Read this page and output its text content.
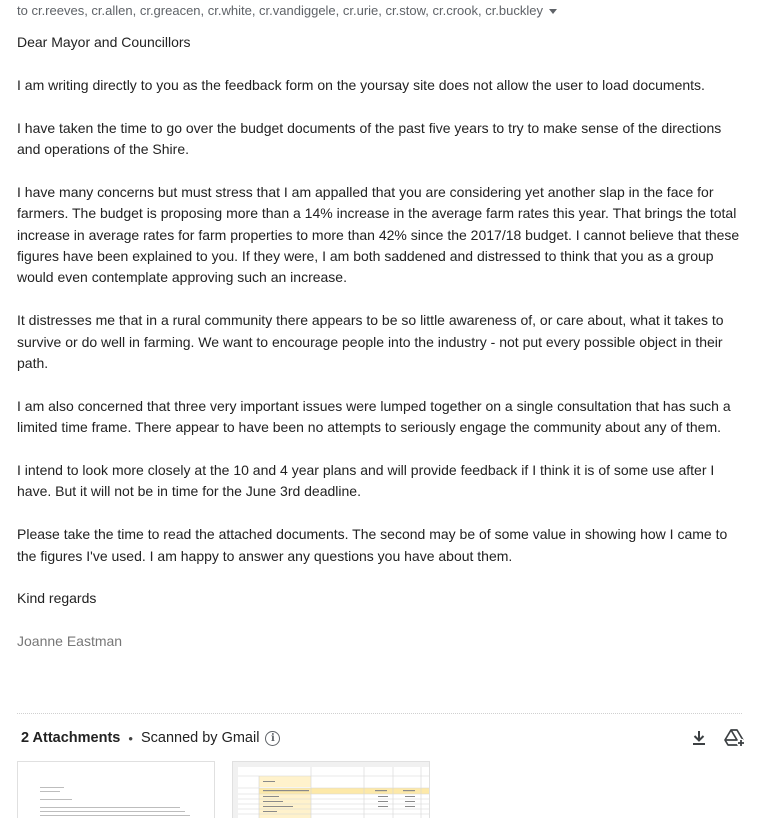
to cr.reeves, cr.allen, cr.greacen, cr.white, cr.vandiggele, cr.urie, cr.stow, cr.crook, cr.buckley

Dear Mayor and Councillors

I am writing directly to you as the feedback form on the yoursay site does not allow the user to load documents.

I have taken the time to go over the budget documents of the past five years to try to make sense of the directions and operations of the Shire.

I have many concerns but must stress that I am appalled that you are considering yet another slap in the face for farmers. The budget is proposing more than a 14% increase in the average farm rates this year. That brings the total increase in average rates for farm properties to more than 42% since the 2017/18 budget. I cannot believe that these figures have been explained to you. If they were, I am both saddened and distressed to think that you as a group would even contemplate approving such an increase.

It distresses me that in a rural community there appears to be so little awareness of, or care about, what it takes to survive or do well in farming. We want to encourage people into the industry - not put every possible object in their path.

I am also concerned that three very important issues were lumped together on a single consultation that has such a limited time frame. There appear to have been no attempts to seriously engage the community about any of them.

I intend to look more closely at the 10 and 4 year plans and will provide feedback if I think it is of some use after I have. But it will not be in time for the June 3rd deadline.

Please take the time to read the attached documents. The second may be of some value in showing how I came to the figures I've used. I am happy to answer any questions you have about them.

Kind regards

Joanne Eastman

2 Attachments • Scanned by Gmail	i
